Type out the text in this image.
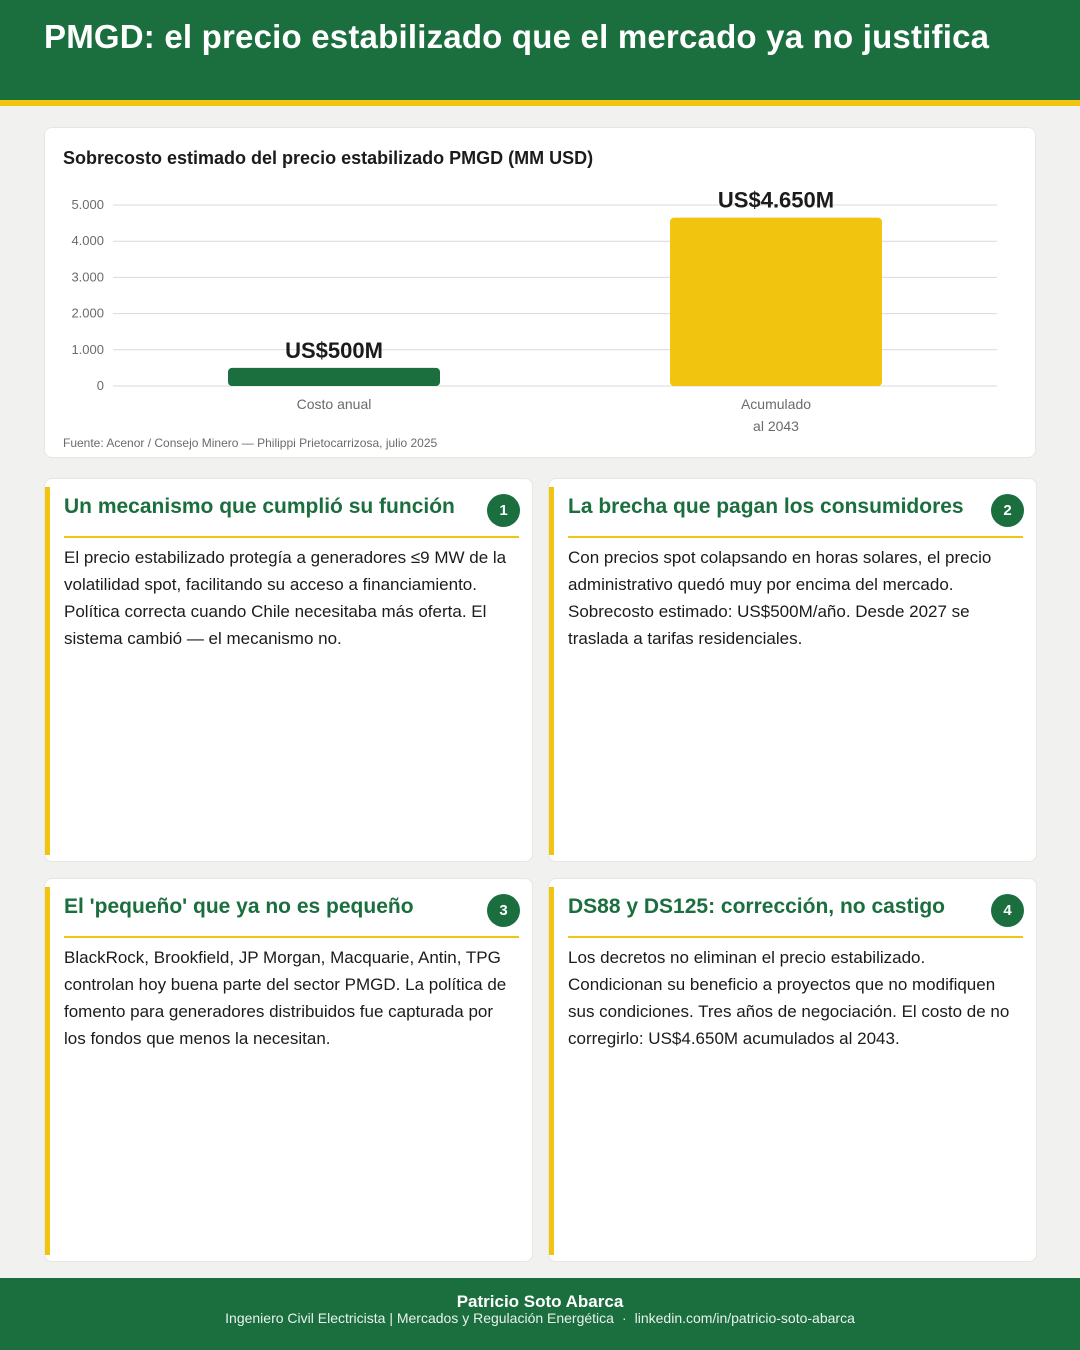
PMGD: el precio estabilizado que el mercado ya no justifica
0
1.000
2.000
3.000
4.000
5.000
US$500M
Costo anual
US$4.650M
Acumulado
al 2043
Sobrecosto estimado del precio estabilizado PMGD (MM USD)
Fuente: Acenor / Consejo Minero — Philippi Prietocarrizosa, julio 2025
Un mecanismo que cumplió su función	1

El precio estabilizado protegía a generadores ≤9 MW de la volatilidad spot, facilitando su acceso a financiamiento. Política correcta cuando Chile necesitaba más oferta. El sistema cambió — el mecanismo no.

La brecha que pagan los consumidores	2

Con precios spot colapsando en horas solares, el precio administrativo quedó muy por encima del mercado. Sobrecosto estimado: US$500M/año. Desde 2027 se traslada a tarifas residenciales.

El 'pequeño' que ya no es pequeño	3

BlackRock, Brookfield, JP Morgan, Macquarie, Antin, TPG controlan hoy buena parte del sector PMGD. La política de fomento para generadores distribuidos fue capturada por los fondos que menos la necesitan.

DS88 y DS125: corrección, no castigo	4

Los decretos no eliminan el precio estabilizado. Condicionan su beneficio a proyectos que no modifiquen sus condiciones. Tres años de negociación. El costo de no corregirlo: US$4.650M acumulados al 2043.

Patricio Soto Abarca
Ingeniero Civil Electricista | Mercados y Regulación Energética · linkedin.com/in/patricio-soto-abarca
